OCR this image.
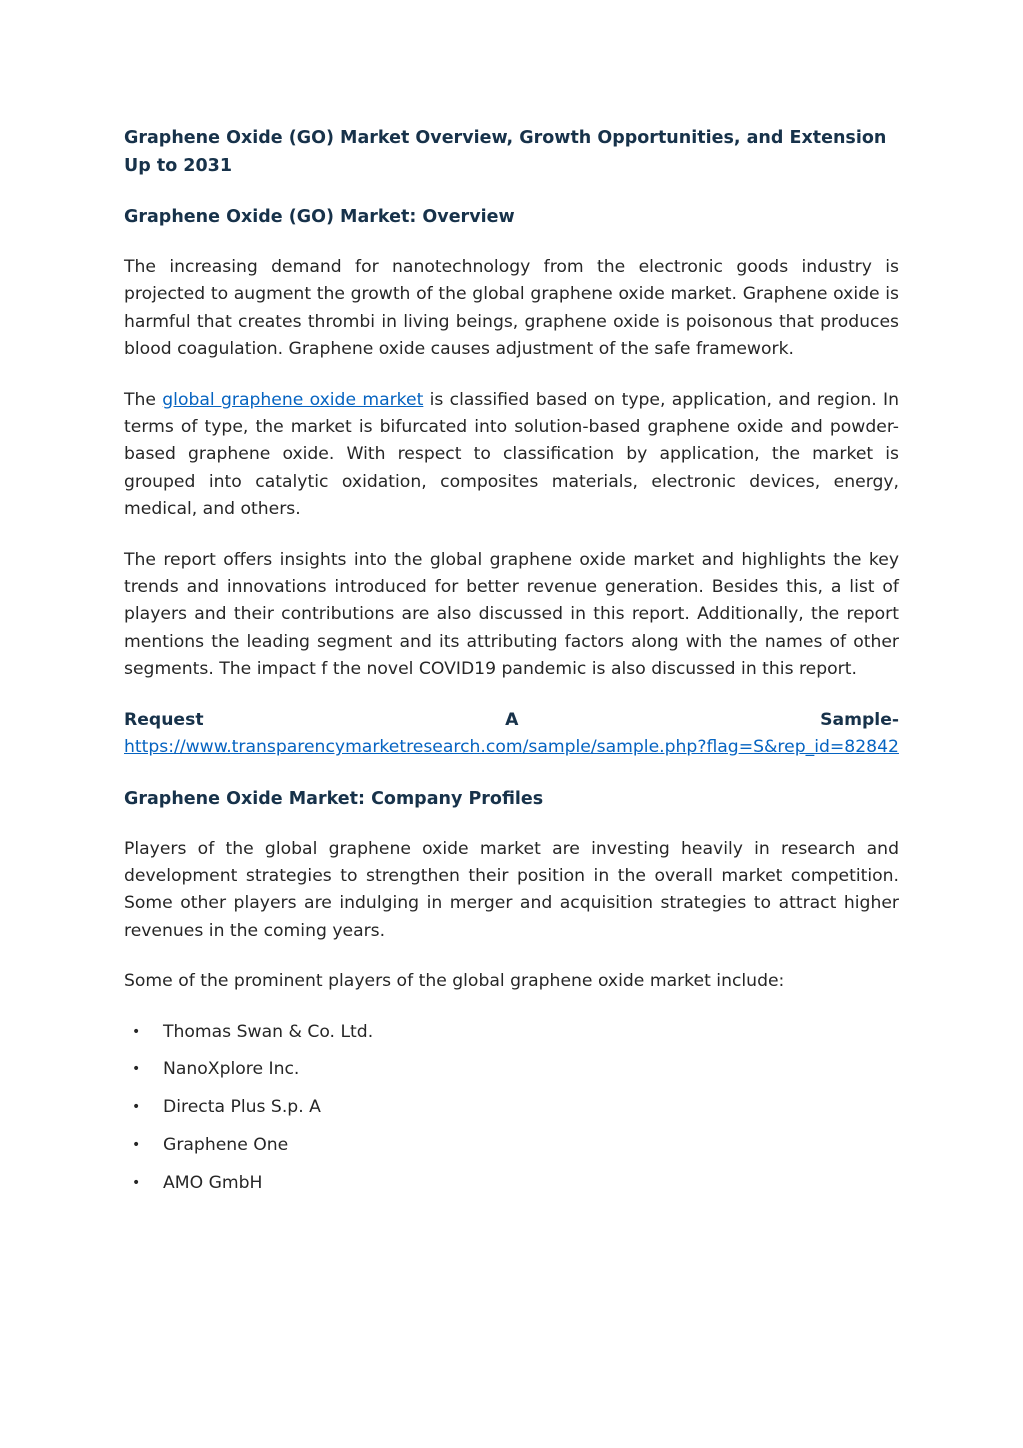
Graphene Oxide (GO) Market Overview, Growth Opportunities, and Extension Up to 2031
Graphene Oxide (GO) Market: Overview

The increasing demand for nanotechnology from the electronic goods industry is projected to augment the growth of the global graphene oxide market. Graphene oxide is harmful that creates thrombi in living beings, graphene oxide is poisonous that produces blood coagulation. Graphene oxide causes adjustment of the safe framework.

The global graphene oxide market is classified based on type, application, and region. In terms of type, the market is bifurcated into solution-based graphene oxide and powder-based graphene oxide. With respect to classification by application, the market is grouped into catalytic oxidation, composites materials, electronic devices, energy, medical, and others.

The report offers insights into the global graphene oxide market and highlights the key trends and innovations introduced for better revenue generation. Besides this, a list of players and their contributions are also discussed in this report. Additionally, the report mentions the leading segment and its attributing factors along with the names of other segments. The impact f the novel COVID19 pandemic is also discussed in this report.

Request	A	Sample-
https://www.transparencymarketresearch.com/sample/sample.php?flag=S&rep_id=82842
Graphene Oxide Market: Company Profiles

Players of the global graphene oxide market are investing heavily in research and development strategies to strengthen their position in the overall market competition. Some other players are indulging in merger and acquisition strategies to attract higher revenues in the coming years.

Some of the prominent players of the global graphene oxide market include:

• Thomas Swan & Co. Ltd.
• NanoXplore Inc.
• Directa Plus S.p. A
• Graphene One
• AMO GmbH
